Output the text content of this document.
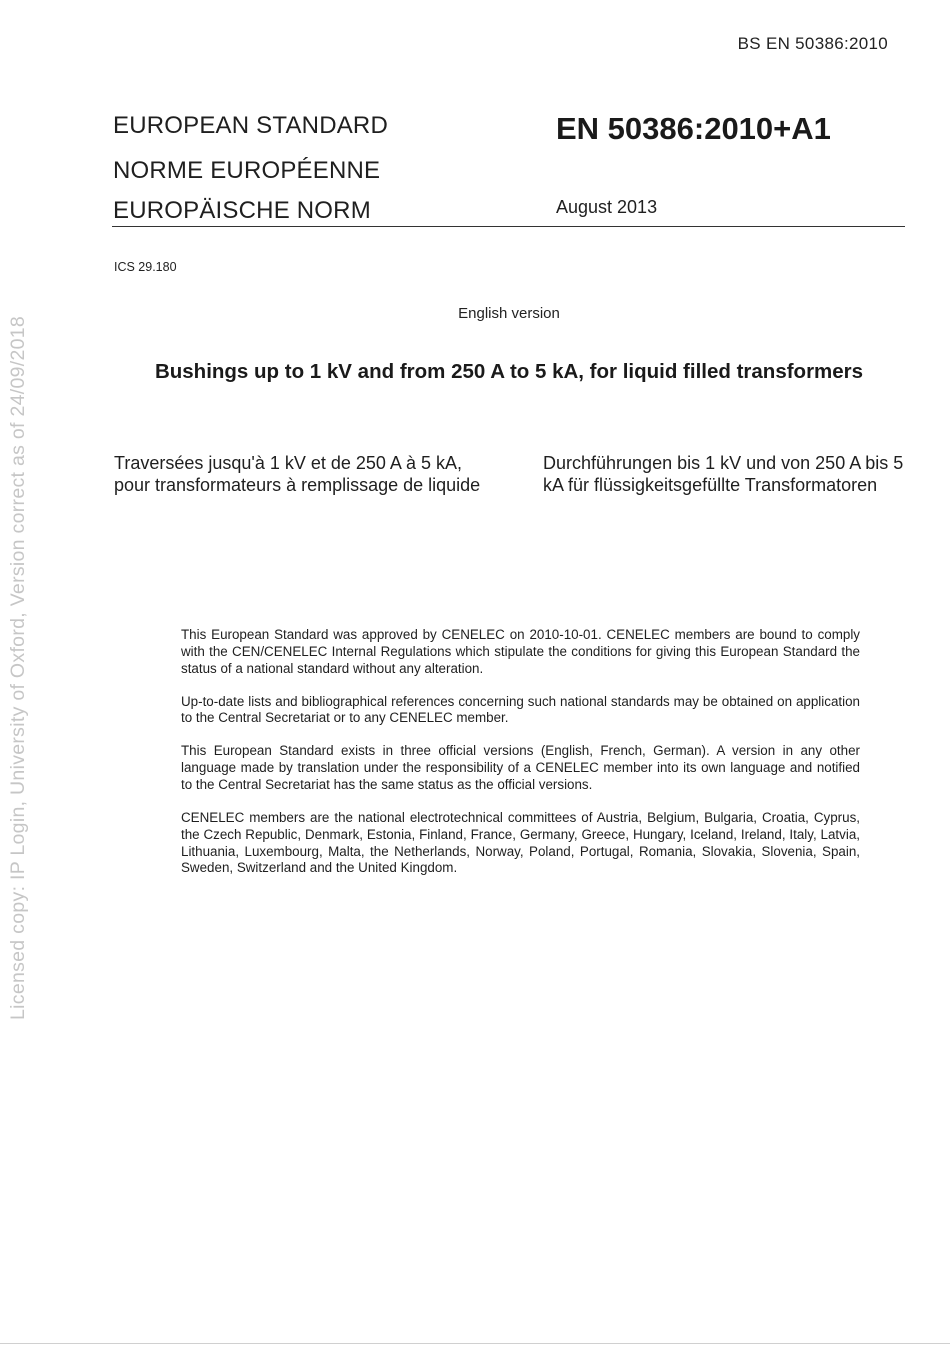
BS EN 50386:2010
EUROPEAN STANDARD
NORME EUROPÉENNE
EUROPÄISCHE NORM
EN 50386:2010+A1
August 2013
ICS 29.180
English version
Bushings up to 1 kV and from 250 A to 5 kA, for liquid filled transformers
Traversées jusqu'à 1 kV et de 250 A à 5 kA, pour transformateurs à remplissage de liquide
Durchführungen bis 1 kV und von 250 A bis 5 kA für flüssigkeitsgefüllte Transformatoren

This European Standard was approved by CENELEC on 2010-10-01. CENELEC members are bound to comply with the CEN/CENELEC Internal Regulations which stipulate the conditions for giving this European Standard the status of a national standard without any alteration.

Up-to-date lists and bibliographical references concerning such national standards may be obtained on application to the Central Secretariat or to any CENELEC member.

This European Standard exists in three official versions (English, French, German). A version in any other language made by translation under the responsibility of a CENELEC member into its own language and notified to the Central Secretariat has the same status as the official versions.

CENELEC members are the national electrotechnical committees of Austria, Belgium, Bulgaria, Croatia, Cyprus, the Czech Republic, Denmark, Estonia, Finland, France, Germany, Greece, Hungary, Iceland, Ireland, Italy, Latvia, Lithuania, Luxembourg, Malta, the Netherlands, Norway, Poland, Portugal, Romania, Slovakia, Slovenia, Spain, Sweden, Switzerland and the United Kingdom.

Licensed copy: IP Login, University of Oxford, Version correct as of 24/09/2018
